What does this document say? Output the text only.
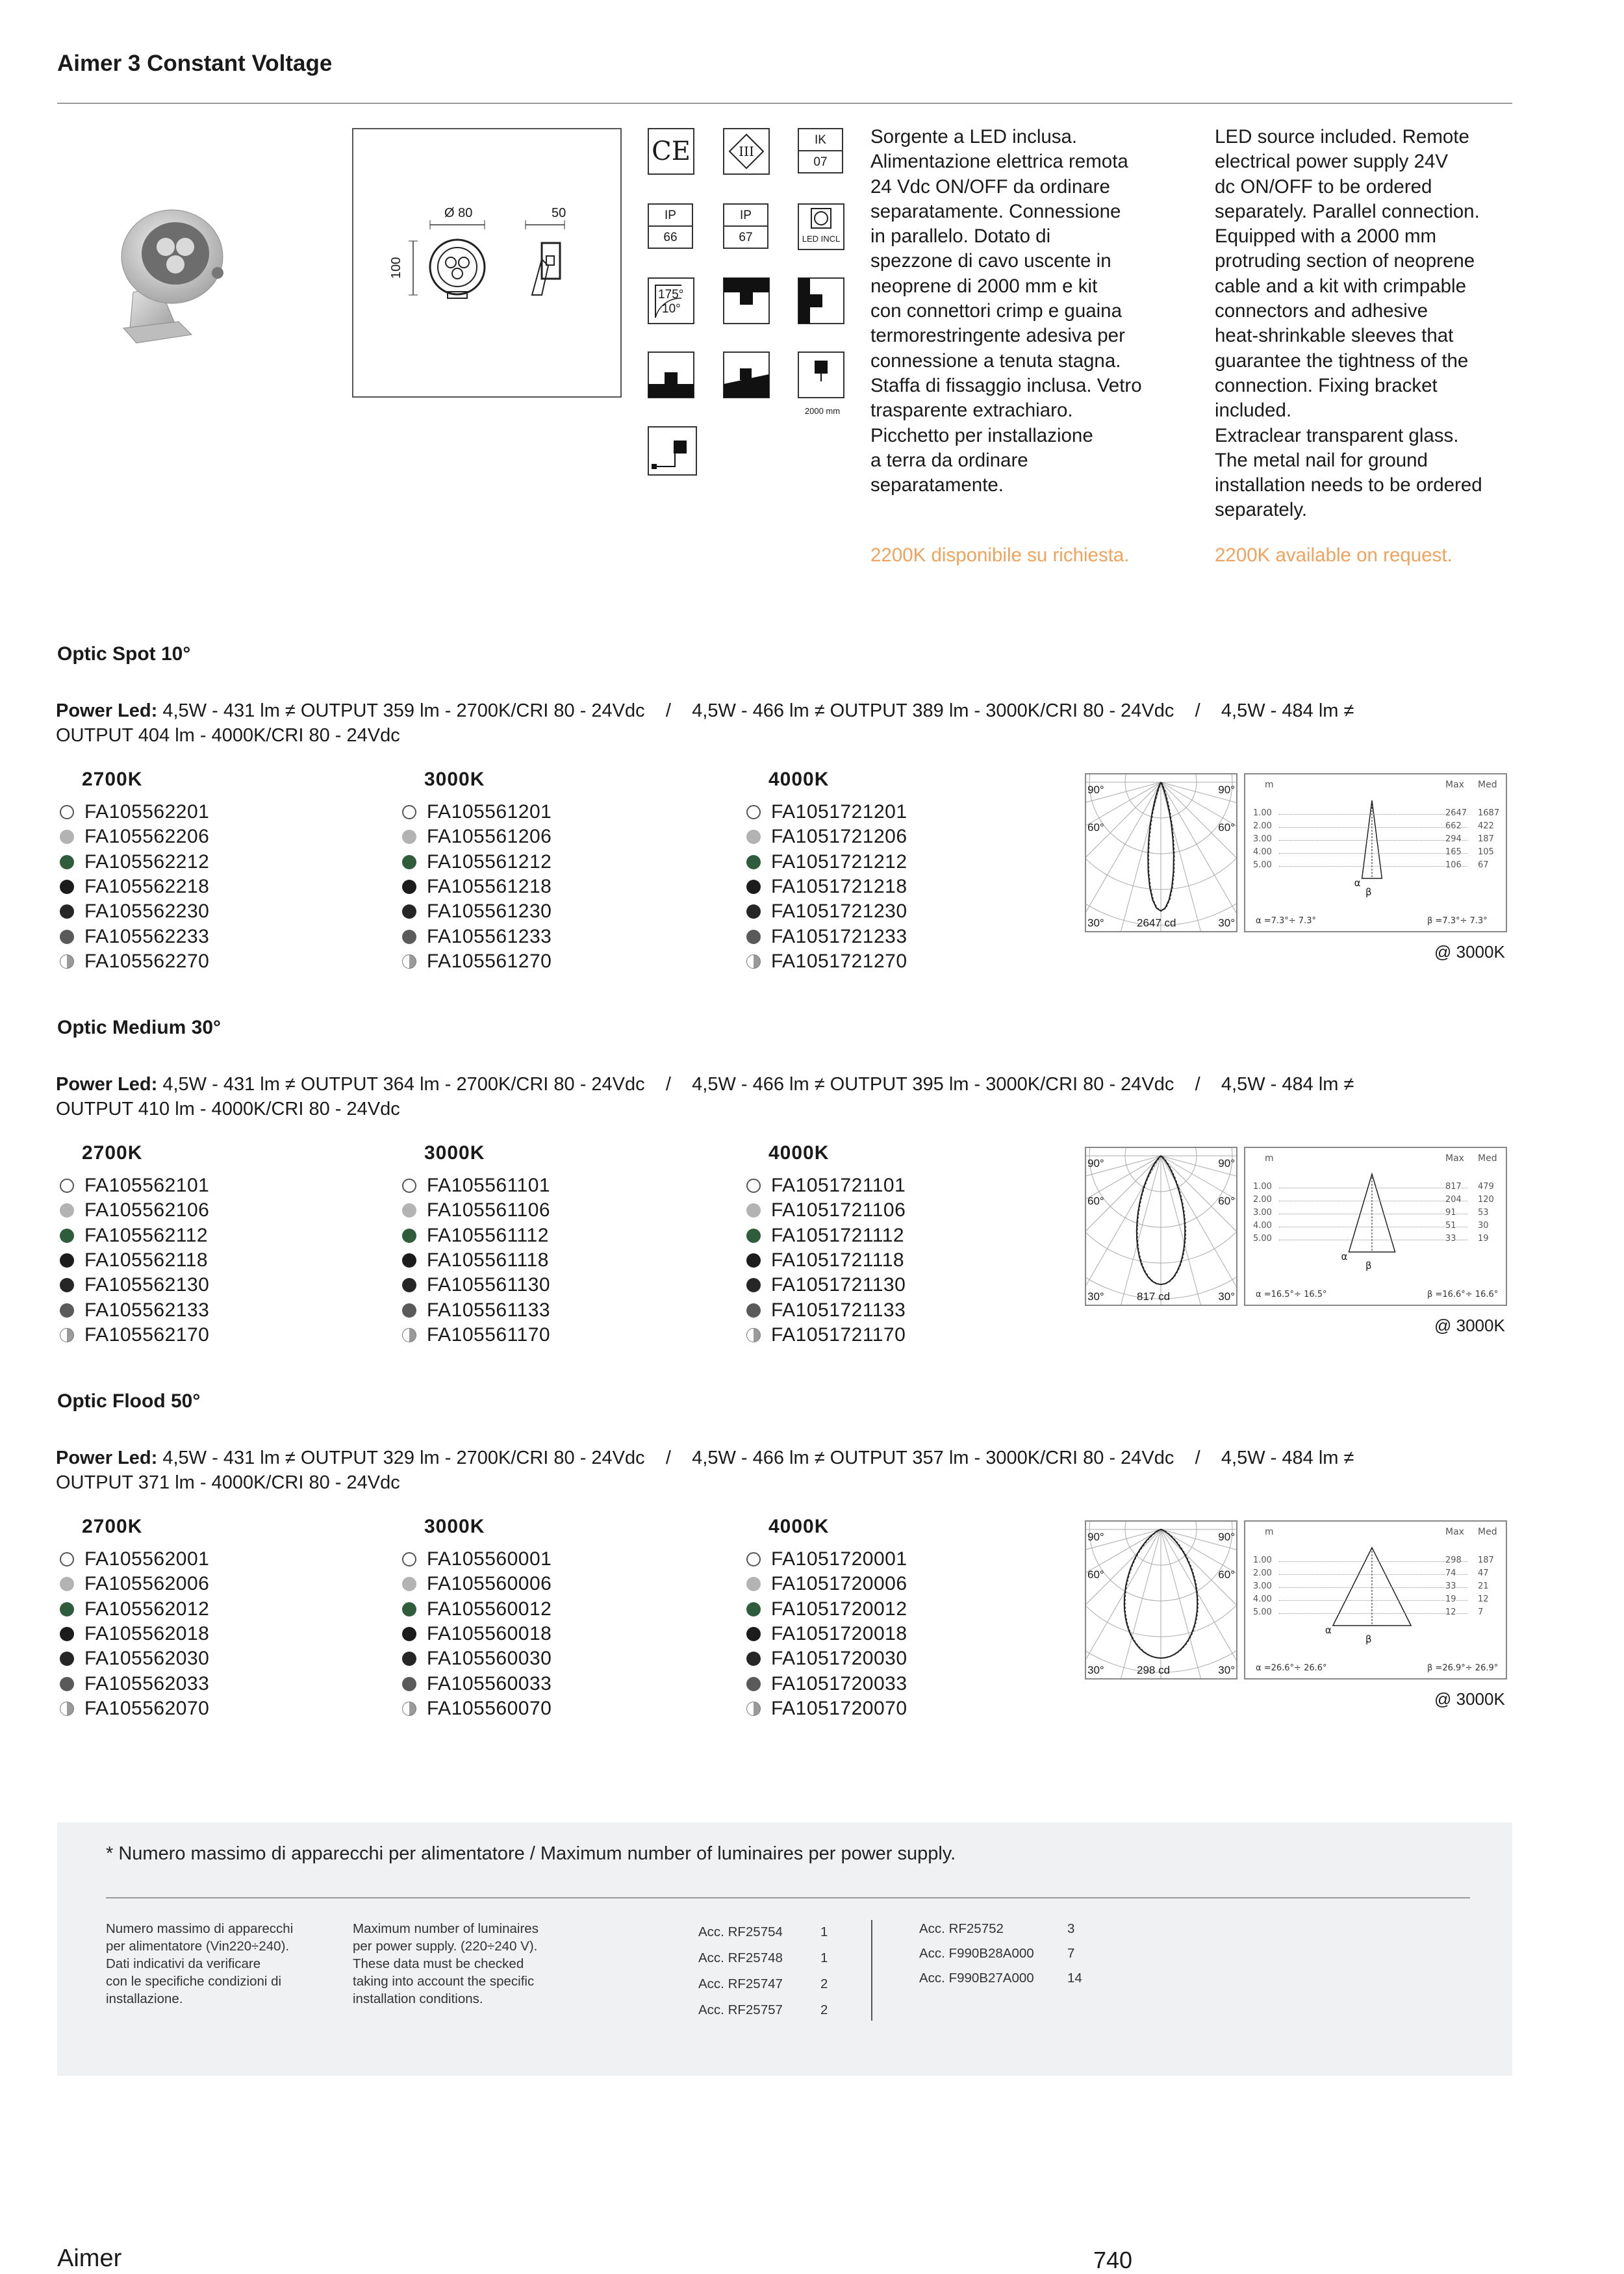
Aimer 3 Constant Voltage
Ø 80	50
100
CE	III
IK
07
IP
66
IP
67	LED INCL
175°
10°
2000 mm
Sorgente a LED inclusa.
Alimentazione elettrica remota
24 Vdc ON/OFF da ordinare
separatamente. Connessione
in parallelo. Dotato di
spezzone di cavo uscente in
neoprene di 2000 mm e kit
con connettori crimp e guaina
termorestringente adesiva per
connessione a tenuta stagna.
Staffa di fissaggio inclusa. Vetro
trasparente extrachiaro.
Picchetto per installazione
a terra da ordinare
separatamente.
LED source included. Remote
electrical power supply 24V
dc ON/OFF to be ordered
separately. Parallel connection.
Equipped with a 2000 mm
protruding section of neoprene
cable and a kit with crimpable
connectors and adhesive
heat-shrinkable sleeves that
guarantee the tightness of the
connection. Fixing bracket
included.
Extraclear transparent glass.
The metal nail for ground
installation needs to be ordered
separately.
2200K disponibile su richiesta.	2200K available on request.
Optic Spot 10°
Power Led: 4,5W - 431 lm ≠ OUTPUT 359 lm - 2700K/CRI 80 - 24Vdc    /    4,5W - 466 lm ≠ OUTPUT 389 lm - 3000K/CRI 80 - 24Vdc    /    4,5W - 484 lm ≠
OUTPUT 404 lm - 4000K/CRI 80 - 24Vdc
2700K
FA105562201
FA105562206
FA105562212
FA105562218
FA105562230
FA105562233
FA105562270
3000K
FA105561201
FA105561206
FA105561212
FA105561218
FA105561230
FA105561233
FA105561270
4000K
FA1051721201
FA1051721206
FA1051721212
FA1051721218
FA1051721230
FA1051721233
FA1051721270
90°	90°
60°	60°
30°	30°
2647 cd
m	Max Med
1.00	2647 1687
2.00	662 422
3.00	294 187
4.00	165 105
5.00	106 67
α
β
α =7.3°÷ 7.3°	β =7.3°÷ 7.3°
@ 3000K
Optic Medium 30°
Power Led: 4,5W - 431 lm ≠ OUTPUT 364 lm - 2700K/CRI 80 - 24Vdc    /    4,5W - 466 lm ≠ OUTPUT 395 lm - 3000K/CRI 80 - 24Vdc    /    4,5W - 484 lm ≠
OUTPUT 410 lm - 4000K/CRI 80 - 24Vdc
2700K
FA105562101
FA105562106
FA105562112
FA105562118
FA105562130
FA105562133
FA105562170
3000K
FA105561101
FA105561106
FA105561112
FA105561118
FA105561130
FA105561133
FA105561170
4000K
FA1051721101
FA1051721106
FA1051721112
FA1051721118
FA1051721130
FA1051721133
FA1051721170
90°	90°
60°	60°
30°	30°
817 cd
m	Max Med
1.00	817 479
2.00	204 120
3.00	91	53
4.00	51	30
5.00	33	19
α
β
α =16.5°÷ 16.5°	β =16.6°÷ 16.6°
@ 3000K
Optic Flood 50°
Power Led: 4,5W - 431 lm ≠ OUTPUT 329 lm - 2700K/CRI 80 - 24Vdc    /    4,5W - 466 lm ≠ OUTPUT 357 lm - 3000K/CRI 80 - 24Vdc    /    4,5W - 484 lm ≠
OUTPUT 371 lm - 4000K/CRI 80 - 24Vdc
2700K
FA105562001
FA105562006
FA105562012
FA105562018
FA105562030
FA105562033
FA105562070
3000K
FA105560001
FA105560006
FA105560012
FA105560018
FA105560030
FA105560033
FA105560070
4000K
FA1051720001
FA1051720006
FA1051720012
FA1051720018
FA1051720030
FA1051720033
FA1051720070
90°	90°
60°	60°
30°	30°
298 cd
m	Max Med
1.00	298 187
2.00	74	47
3.00	33	21
4.00	19	12
5.00	12	7
α
β
α =26.6°÷ 26.6°	β =26.9°÷ 26.9°
@ 3000K
* Numero massimo di apparecchi per alimentatore / Maximum number of luminaires per power supply.
Numero massimo di apparecchi
per alimentatore (Vin220÷240).
Dati indicativi da verificare
con le specifiche condizioni di
installazione.
Maximum number of luminaires
per power supply. (220÷240 V).
These data must be checked
taking into account the specific
installation conditions.
Acc. RF25754	1
Acc. RF25748	1
Acc. RF25747	2
Acc. RF25757	2
Acc. RF25752	3
Acc. F990B28A000	7
Acc. F990B27A000	14
Aimer	740
